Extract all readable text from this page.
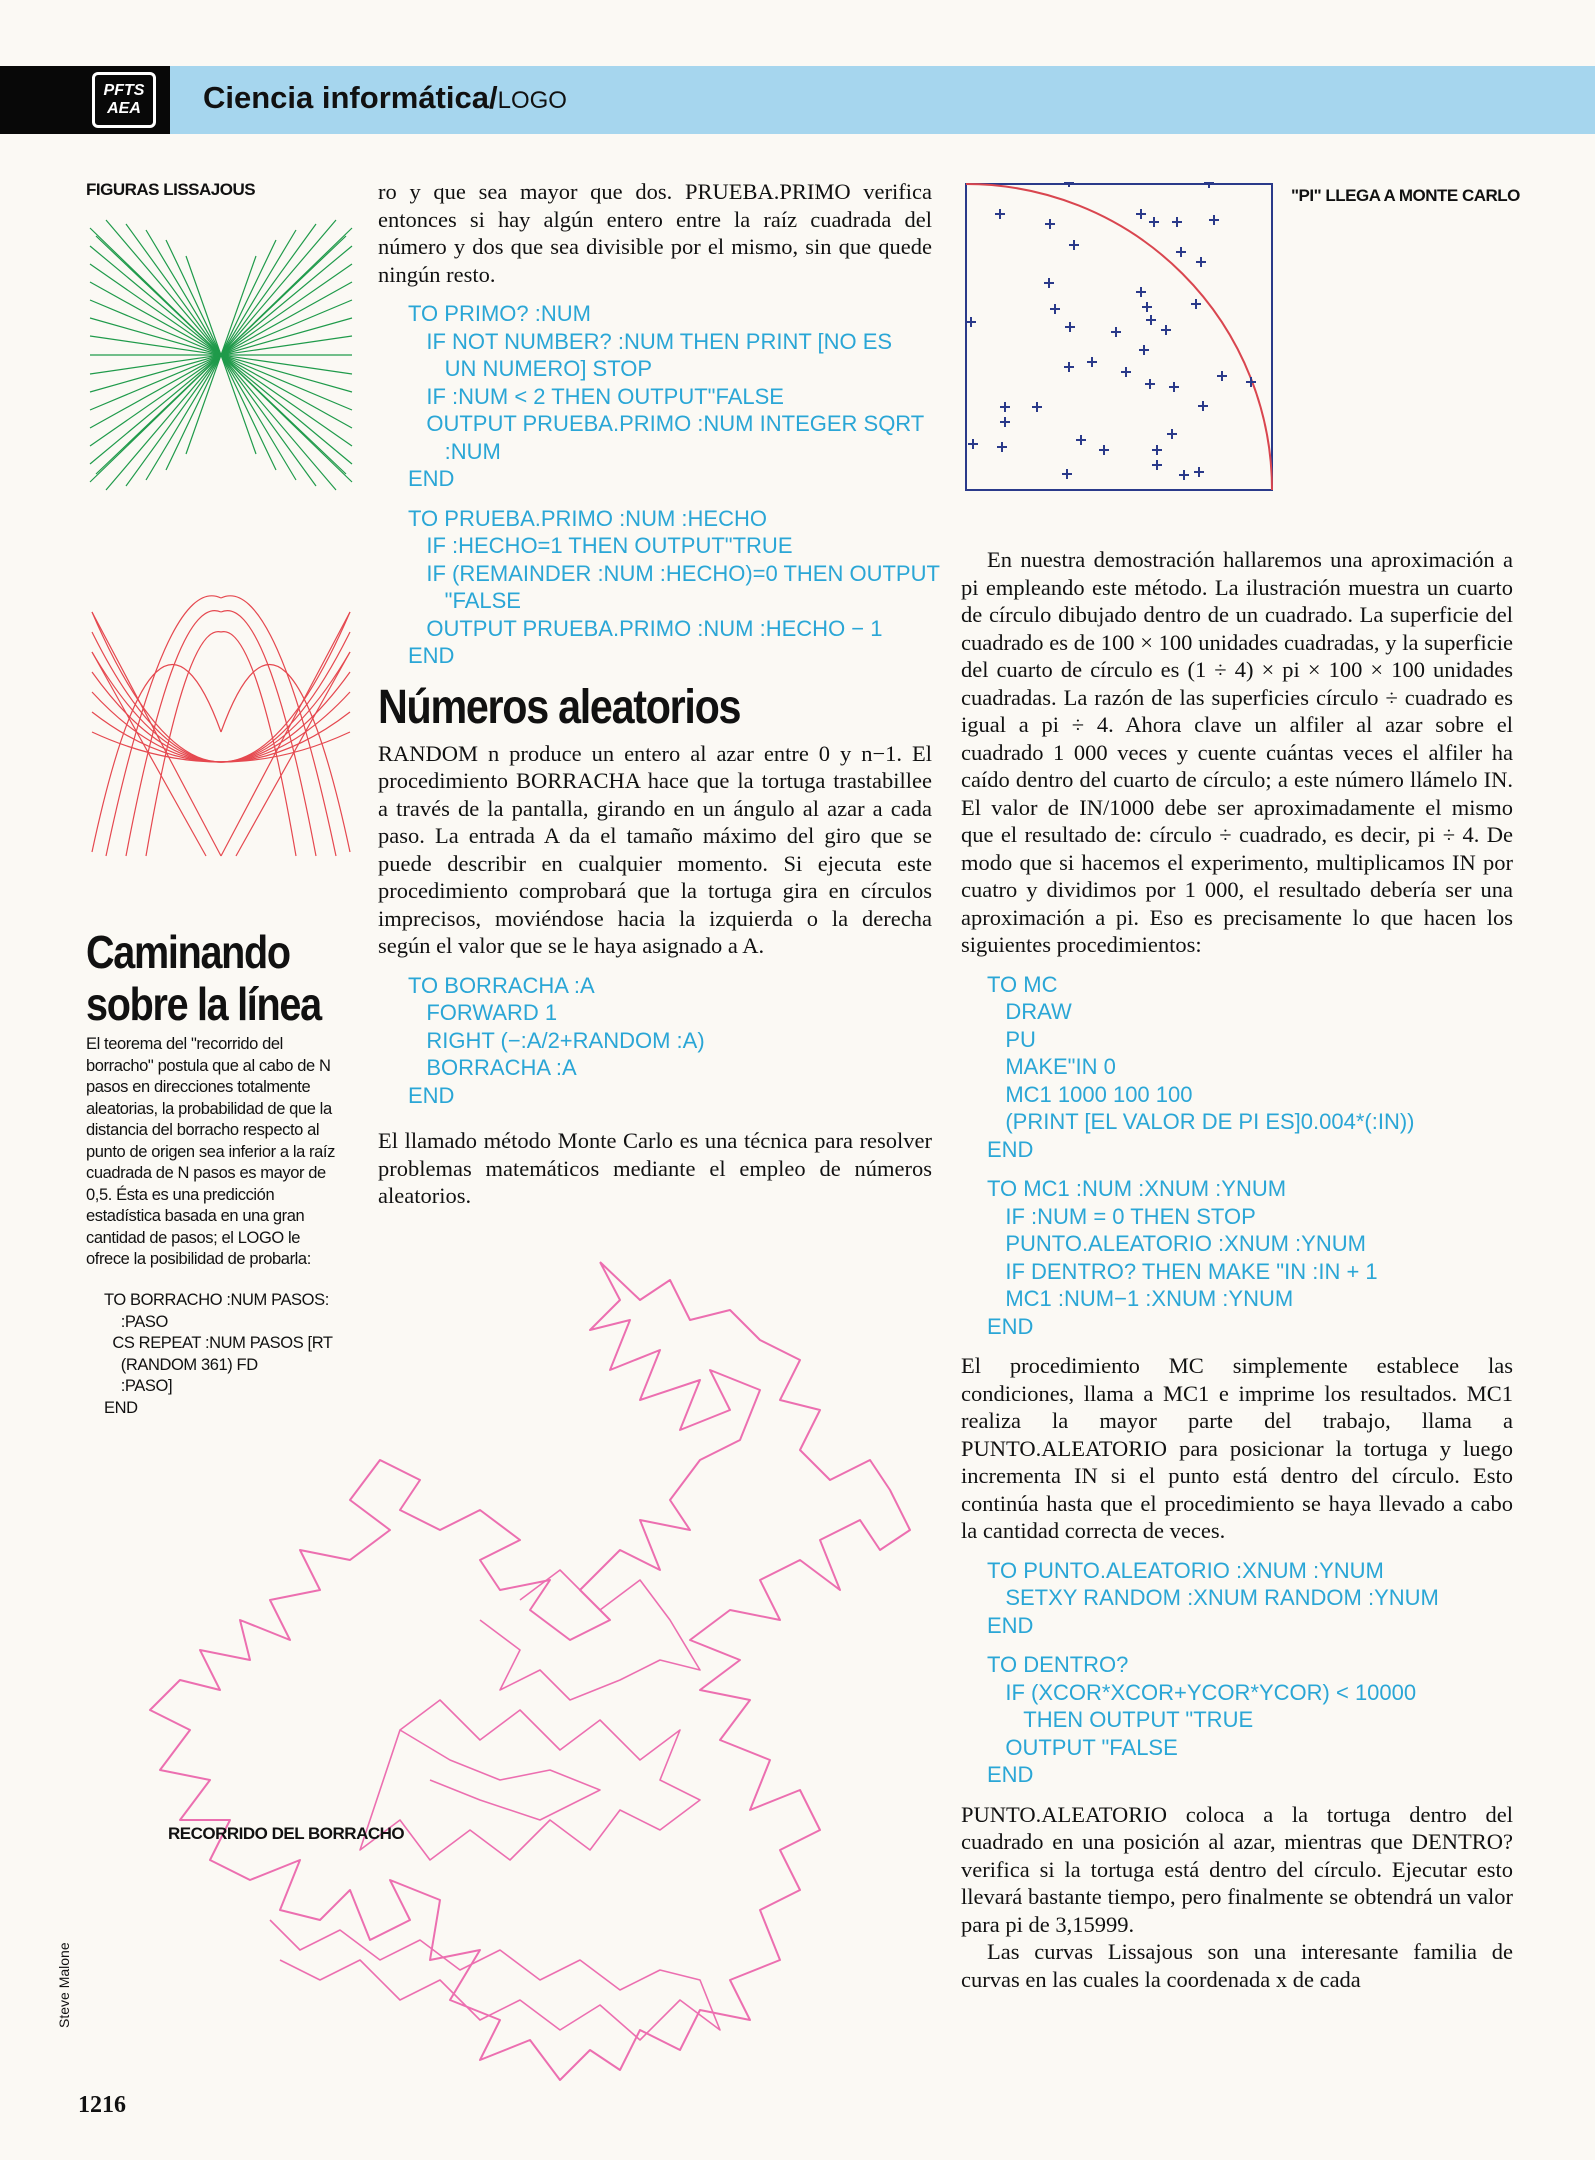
PFTS
AEA Ciencia informática/LOGO
FIGURAS LISSAJOUS
Caminando
sobre la línea
El teorema del "recorrido del borracho" postula que al cabo de N pasos en direcciones totalmente aleatorias, la probabilidad de que la distancia del borracho respecto al punto de origen sea inferior a la raíz cuadrada de N pasos es mayor de 0,5. Ésta es una predicción estadística basada en una gran cantidad de pasos; el LOGO le ofrece la posibilidad de probarla:
TO BORRACHO :NUM PASOS:
:PASO
CS REPEAT :NUM PASOS [RT
(RANDOM 361) FD
:PASO]
END

ro y que sea mayor que dos. PRUEBA.PRIMO verifica entonces si hay algún entero entre la raíz cuadrada del número y dos que sea divisible por el mismo, sin que quede ningún resto.

TO PRIMO? :NUM
IF NOT NUMBER? :NUM THEN PRINT [NO ES
UN NUMERO] STOP
IF :NUM < 2 THEN OUTPUT"FALSE
OUTPUT PRUEBA.PRIMO :NUM INTEGER SQRT
:NUM
END
TO PRUEBA.PRIMO :NUM :HECHO
IF :HECHO=1 THEN OUTPUT"TRUE
IF (REMAINDER :NUM :HECHO)=0 THEN OUTPUT
"FALSE
OUTPUT PRUEBA.PRIMO :NUM :HECHO − 1
END
Números aleatorios

RANDOM n produce un entero al azar entre 0 y n−1. El procedimiento BORRACHA hace que la tortuga trastabillee a través de la pantalla, girando en un ángulo al azar a cada paso. La entrada A da el tamaño máximo del giro que se puede describir en cualquier momento. Si ejecuta este procedimiento comprobará que la tortuga gira en círculos imprecisos, moviéndose hacia la izquierda o la derecha según el valor que se le haya asignado a A.

TO BORRACHA :A
FORWARD 1
RIGHT (−:A/2+RANDOM :A)
BORRACHA :A
END

El llamado método Monte Carlo es una técnica para resolver problemas matemáticos mediante el empleo de números aleatorios.

"PI" LLEGA A MONTE CARLO

En nuestra demostración hallaremos una aproximación a pi empleando este método. La ilustración muestra un cuarto de círculo dibujado dentro de un cuadrado. La superficie del cuadrado es de 100 × 100 unidades cuadradas, y la superficie del cuarto de círculo es (1 ÷ 4) × pi × 100 × 100 unidades cuadradas. La razón de las superficies círculo ÷ cuadrado es igual a pi ÷ 4. Ahora clave un alfiler al azar sobre el cuadrado 1 000 veces y cuente cuántas veces el alfiler ha caído dentro del cuarto de círculo; a este número llámelo IN. El valor de IN/1000 debe ser aproximadamente el mismo que el resultado de: círculo ÷ cuadrado, es decir, pi ÷ 4. De modo que si hacemos el experimento, multiplicamos IN por cuatro y dividimos por 1 000, el resultado debería ser una aproximación a pi. Eso es precisamente lo que hacen los siguientes procedimientos:

TO MC
DRAW
PU
MAKE"IN 0
MC1 1000 100 100
(PRINT [EL VALOR DE PI ES]0.004*(:IN))
END
TO MC1 :NUM :XNUM :YNUM
IF :NUM = 0 THEN STOP
PUNTO.ALEATORIO :XNUM :YNUM
IF DENTRO? THEN MAKE "IN :IN + 1
MC1 :NUM−1 :XNUM :YNUM
END

El procedimiento MC simplemente establece las condiciones, llama a MC1 e imprime los resultados. MC1 realiza la mayor parte del trabajo, llama a PUNTO.ALEATORIO para posicionar la tortuga y luego incrementa IN si el punto está dentro del círculo. Esto continúa hasta que el procedimiento se haya llevado a cabo la cantidad correcta de veces.

TO PUNTO.ALEATORIO :XNUM :YNUM
SETXY RANDOM :XNUM RANDOM :YNUM
END
TO DENTRO?
IF (XCOR*XCOR+YCOR*YCOR) < 10000
THEN OUTPUT "TRUE
OUTPUT "FALSE
END

PUNTO.ALEATORIO coloca a la tortuga dentro del cuadrado en una posición al azar, mientras que DENTRO? verifica si la tortuga está dentro del círculo. Ejecutar esto llevará bastante tiempo, pero finalmente se obtendrá un valor para pi de 3,15999.

Las curvas Lissajous son una interesante familia de curvas en las cuales la coordenada x de cada

RECORRIDO DEL BORRACHO
Steve Malone
1216
